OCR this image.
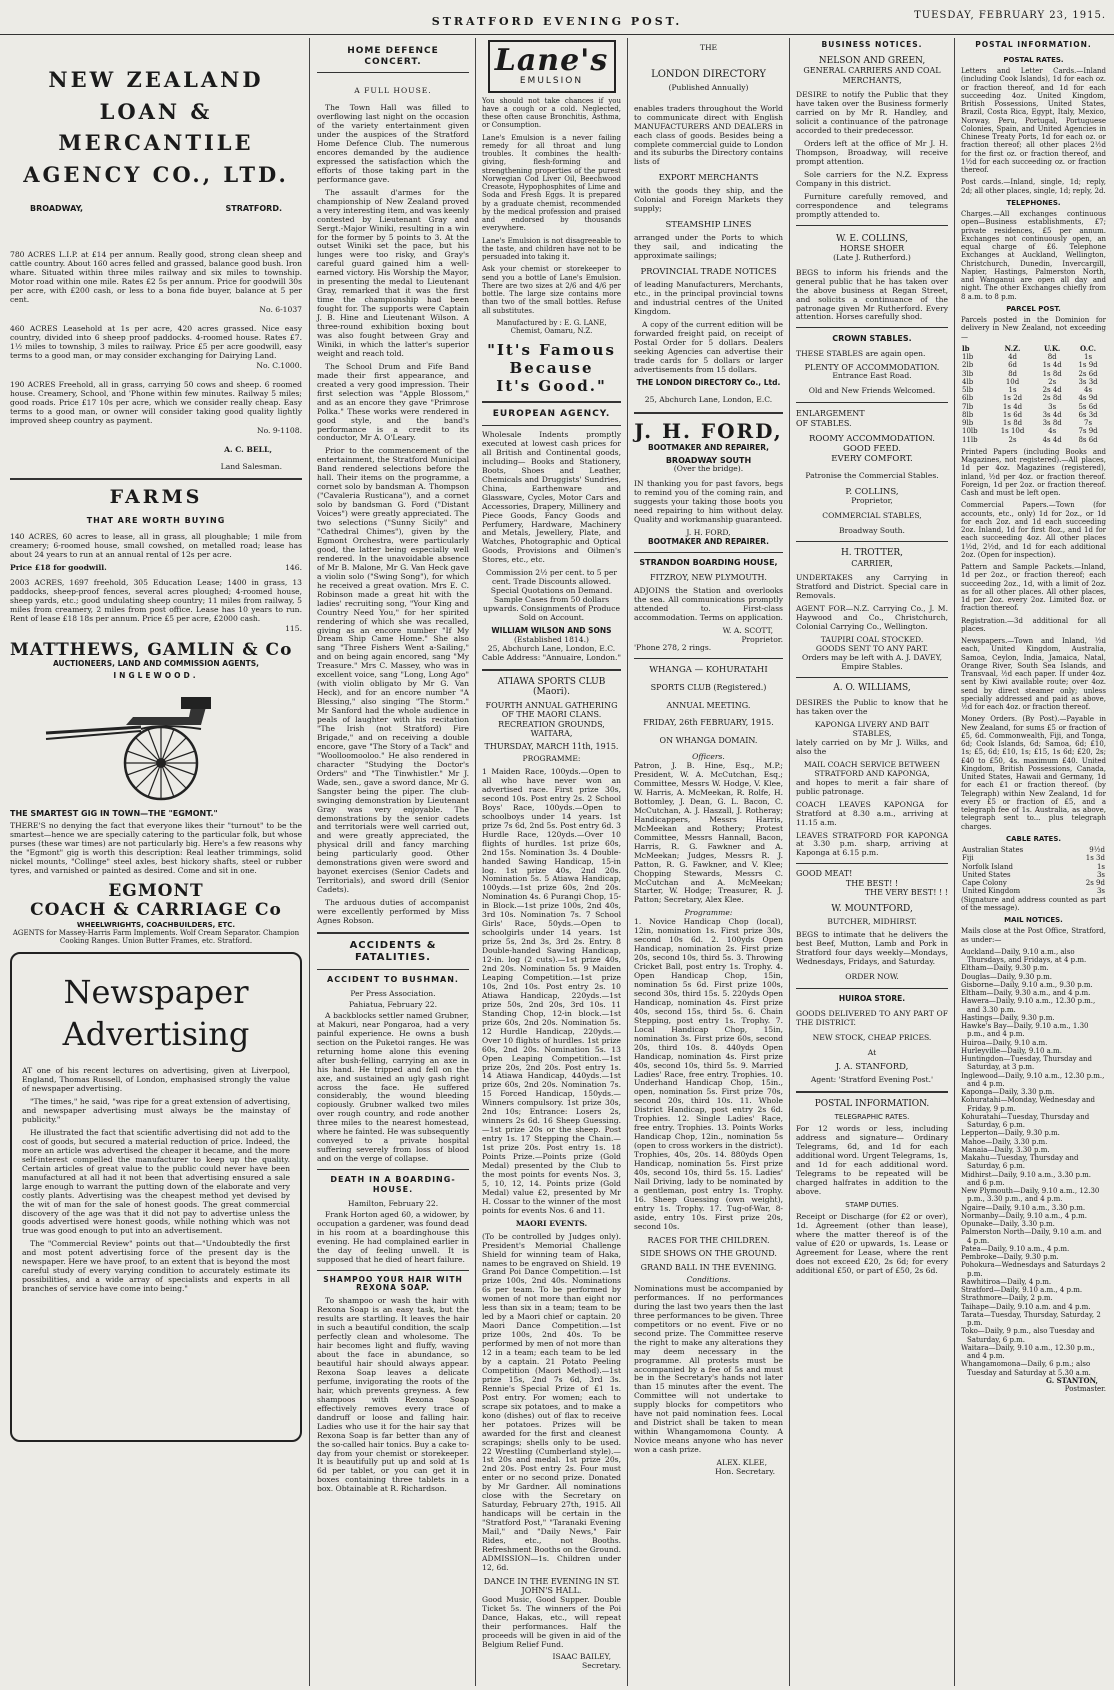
STRATFORD EVENING POST.	TUESDAY, FEBRUARY 23, 1915.
NEW ZEALAND
LOAN & MERCANTILE
AGENCY CO., LTD.
BROADWAY,	STRATFORD.

780 ACRES L.I.P. at £14 per annum. Really good, strong clean sheep and cattle country. About 160 acres felled and grassed, balance good bush. Iron whare. Situated within three miles railway and six miles to township. Motor road within one mile. Rates £2 5s per annum. Price for goodwill 30s per acre, with £200 cash, or less to a bona fide buyer, balance at 5 per cent.

No. 6-1037

460 ACRES Leasehold at 1s per acre, 420 acres grassed. Nice easy country, divided into 6 sheep proof paddocks. 4-roomed house. Rates £7. 1½ miles to township, 3 miles to railway. Price £5 per acre goodwill, easy terms to a good man, or may consider exchanging for Dairying Land.

No. C.1000.

190 ACRES Freehold, all in grass, carrying 50 cows and sheep. 6 roomed house. Creamery, School, and 'Phone within few minutes. Railway 5 miles; good roads. Price £17 10s per acre, which we consider really cheap. Easy terms to a good man, or owner will consider taking good quality lightly improved sheep country as payment.

No. 9-1108.
A. C. BELL,
Land Salesman.
FARMS
THAT ARE WORTH BUYING

140 ACRES, 60 acres to lease, all in grass, all ploughable; 1 mile from creamery; 6-roomed house, small cowshed, on metalled road; lease has about 24 years to run at an annual rental of 12s per acre.

Price £18 for goodwill.	146.

2003 ACRES, 1697 freehold, 305 Education Lease; 1400 in grass, 13 paddocks, sheep-proof fences, several acres ploughed; 4-roomed house, sheep yards, etc.; good undulating sheep country; 11 miles from railway, 5 miles from creamery, 2 miles from post office. Lease has 10 years to run. Rent of lease £18 18s per annum. Price £5 per acre, £2000 cash.

115.
MATTHEWS, GAMLIN & Co
AUCTIONEERS, LAND AND COMMISSION AGENTS,
INGLEWOOD.
THE SMARTEST GIG IN TOWN—THE "EGMONT."

THERE'S no denying the fact that everyone likes their "turnout" to be the smartest—hence we are specially catering to the particular folk, but whose purses (these war times) are not particularly big. Here's a few reasons why the "Egmont" gig is worth this description: Real leather trimmings, solid nickel mounts, "Collinge" steel axles, best hickory shafts, steel or rubber tyres, and varnished or painted as desired. Come and sit in one.

EGMONT
COACH & CARRIAGE Co
WHEELWRIGHTS, COACHBUILDERS, ETC.
AGENTS for Massey-Harris Farm Implements. Wolf Cream Separator. Champion Cooking Ranges. Union Butter Frames, etc. Stratford.
Newspaper
Advertising

AT one of his recent lectures on advertising, given at Liverpool, England, Thomas Russell, of London, emphasised strongly the value of newspaper advertising.

"The times," he said, "was ripe for a great extension of advertising, and newspaper advertising must always be the mainstay of publicity."

He illustrated the fact that scientific advertising did not add to the cost of goods, but secured a material reduction of price. Indeed, the more an article was advertised the cheaper it became, and the more self-interest compelled the manufacturer to keep up the quality. Certain articles of great value to the public could never have been manufactured at all had it not been that advertising ensured a sale large enough to warrant the putting down of the elaborate and very costly plants. Advertising was the cheapest method yet devised by the wit of man for the sale of honest goods. The great commercial discovery of the age was that it did not pay to advertise unless the goods advertised were honest goods, while nothing which was not true was good enough to put into an advertisement.

The "Commercial Review" points out that—"Undoubtedly the first and most potent advertising force of the present day is the newspaper. Here we have proof, to an extent that is beyond the most careful study of every varying condition to accurately estimate its possibilities, and a wide array of specialists and experts in all branches of service have come into being."

HOME DEFENCE CONCERT.
A FULL HOUSE.

The Town Hall was filled to overflowing last night on the occasion of the variety entertainment given under the auspices of the Stratford Home Defence Club. The numerous encores demanded by the audience expressed the satisfaction which the efforts of those taking part in the performance gave.

The assault d'armes for the championship of New Zealand proved a very interesting item, and was keenly contested by Lieutenant Gray and Sergt.-Major Winiki, resulting in a win for the former by 5 points to 3. At the outset Winiki set the pace, but his lunges were too risky, and Gray's careful guard gained him a well-earned victory. His Worship the Mayor, in presenting the medal to Lieutenant Gray, remarked that it was the first time the championship had been fought for. The supports were Captain J. B. Hine and Lieutenant Wilson. A three-round exhibition boxing bout was also fought between Gray and Winiki, in which the latter's superior weight and reach told.

The School Drum and Fife Band made their first appearance, and created a very good impression. Their first selection was "Apple Blossom," and as an encore they gave "Primrose Polka." These works were rendered in good style, and the band's performance is a credit to its conductor, Mr A. O'Leary.

Prior to the commencement of the entertainment, the Stratford Municipal Band rendered selections before the hall. Their items on the programme, a cornet solo by bandsman A. Thompson ("Cavaleria Rusticana"), and a cornet solo by bandsman G. Ford ("Distant Voices") were greatly appreciated. The two selections ("Sunny Sicily" and "Cathedral Chimes"), given by the Egmont Orchestra, were particularly good, the latter being especially well rendered. In the unavoidable absence of Mr B. Malone, Mr G. Van Heck gave a violin solo ("Swing Song"), for which he received a great ovation. Mrs E. C. Robinson made a great hit with the ladies' recruiting song, "Your King and Country Need You," for her spirited rendering of which she was recalled, giving as an encore number "If My Dream Ship Came Home." She also sang "Three Fishers Went a-Sailing," and on being again encored, sang "My Treasure." Mrs C. Massey, who was in excellent voice, sang "Long, Long Ago" (with violin obligato by Mr G. Van Heck), and for an encore number "A Blessing," also singing "The Storm." Mr Sanford had the whole audience in peals of laughter with his recitation "The Irish (not Stratford) Fire Brigade," and on receiving a double encore, gave "The Story of a Tack" and "Woolloomooloo." He also rendered in character "Studying the Doctor's Orders" and "The Tinwhistler." Mr J. Wade, sen., gave a sword dance, Mr G. Sangster being the piper. The club-swinging demonstration by Lieutenant Gray was very enjoyable. The demonstrations by the senior cadets and territorials were well carried out, and were greatly appreciated, the physical drill and fancy marching being particularly good. Other demonstrations given were sword and bayonet exercises (Senior Cadets and Territorials), and sword drill (Senior Cadets).

The arduous duties of accompanist were excellently performed by Miss Agnes Robson.

ACCIDENTS & FATALITIES.
ACCIDENT TO BUSHMAN.
Per Press Association.
Pahiatua, February 22.

A backblocks settler named Grubner, at Makuri, near Pongaroa, had a very painful experience. He owns a bush section on the Puketoi ranges. He was returning home alone this evening after bush-felling, carrying an axe in his hand. He tripped and fell on the axe, and sustained an ugly gash right across the face. He suffered considerably, the wound bleeding copiously. Grubner walked two miles over rough country, and rode another three miles to the nearest homestead, where he fainted. He was subsequently conveyed to a private hospital suffering severely from loss of blood and on the verge of collapse.

DEATH IN A BOARDING-HOUSE.
Hamilton, February 22.

Frank Horton aged 60, a widower, by occupation a gardener, was found dead in his room at a boardinghouse this evening. He had complained earlier in the day of feeling unwell. It is supposed that he died of heart failure.

SHAMPOO YOUR HAIR WITH REXONA SOAP.

To shampoo or wash the hair with Rexona Soap is an easy task, but the results are startling. It leaves the hair in such a beautiful condition, the scalp perfectly clean and wholesome. The hair becomes light and fluffy, waving about the face in abundance, so beautiful hair should always appear. Rexona Soap leaves a delicate perfume, invigorating the roots of the hair, which prevents greyness. A few shampoos with Rexona Soap effectively removes every trace of dandruff or loose and falling hair. Ladies who use it for the hair say that Rexona Soap is far better than any of the so-called hair tonics. Buy a cake to-day from your chemist or storekeeper. It is beautifully put up and sold at 1s 6d per tablet, or you can get it in boxes containing three tablets in a box. Obtainable at R. Richardson.

Lane's
EMULSION

You should not take chances if you have a cough or a cold. Neglected, these often cause Bronchitis, Asthma, or Consumption.

Lane's Emulsion is a never failing remedy for all throat and lung troubles. It combines the health-giving, flesh-forming and strengthening properties of the purest Norwegian Cod Liver Oil, Beechwood Creasote, Hypophosphites of Lime and Soda and Fresh Eggs. It is prepared by a graduate chemist, recommended by the medical profession and praised and endorsed by thousands everywhere.

Lane's Emulsion is not disagreeable to the taste, and children have not to be persuaded into taking it.

Ask your chemist or storekeeper to send you a bottle of Lane's Emulsion. There are two sizes at 2/6 and 4/6 per bottle. The large size contains more than two of the small bottles. Refuse all substitutes.

Manufactured by : E. G. LANE, Chemist, Oamaru, N.Z.
"It's Famous
Because
It's Good."
EUROPEAN AGENCY.

Wholesale Indents promptly executed at lowest cash prices for all British and Continental goods, including— Books and Stationery, Boots, Shoes and Leather, Chemicals and Druggists' Sundries, China, Earthenware and Glassware, Cycles, Motor Cars and Accessories, Drapery, Millinery and Piece Goods, Fancy Goods and Perfumery, Hardware, Machinery and Metals, Jewellery, Plate, and Watches, Photographic and Optical Goods, Provisions and Oilmen's Stores, etc., etc.

Commission 2½ per cent. to 5 per cent. Trade Discounts allowed. Special Quotations on Demand. Sample Cases from 50 dollars upwards. Consignments of Produce Sold on Account.

WILLIAM WILSON AND SONS
(Established 1814.)
25, Abchurch Lane, London, E.C. Cable Address: "Annuaire, London."
ATIAWA SPORTS CLUB (Maori).
FOURTH ANNUAL GATHERING OF THE MAORI CLANS. RECREATION GROUNDS, WAITARA,
THURSDAY, MARCH 11th, 1915.
PROGRAMME:

1 Maiden Race, 100yds.—Open to all who have never won an advertised race. First prize 30s, second 10s. Post entry 2s. 2 School Boys' Race, 100yds.—Open to schoolboys under 14 years. 1st prize 7s 6d, 2nd 5s. Post entry 6d. 3 Hurdle Race, 120yds.—Over 10 flights of hurdles. 1st prize 60s, 2nd 15s. Nomination 3s. 4 Double-handed Sawing Handicap, 15-in log. 1st prize 40s, 2nd 20s. Nomination 5s. 5 Atiawa Handicap, 100yds.—1st prize 60s, 2nd 20s. Nomination 4s. 6 Purangi Chop, 15-in Block.—1st prize 100s, 2nd 40s, 3rd 10s. Nomination 7s. 7 School Girls' Race, 50yds.—Open to schoolgirls under 14 years. 1st prize 5s, 2nd 3s, 3rd 2s. Entry. 8 Double-handed Sawing Handicap, 12-in. log (2 cuts).—1st prize 40s, 2nd 20s. Nomination 5s. 9 Maiden Leaping Competition.—1st prize 10s, 2nd 10s. Post entry 2s. 10 Atiawa Handicap, 220yds.—1st prize 50s, 2nd 20s, 3rd 10s. 11 Standing Chop, 12-in block.—1st prize 60s, 2nd 20s. Nomination 5s. 12 Hurdle Handicap, 220yds.—Over 10 flights of hurdles. 1st prize 60s, 2nd 20s. Nomination 5s. 13 Open Leaping Competition.—1st prize 20s, 2nd 20s. Post entry 1s. 14 Atiawa Handicap, 440yds.—1st prize 60s, 2nd 20s. Nomination 7s. 15 Forced Handicap, 150yds.—Winners compulsory. 1st prize 30s, 2nd 10s; Entrance: Losers 2s, winners 2s 6d. 16 Sheep Guessing.—1st prize 20s or the sheep. Post entry 1s. 17 Stepping the Chain.—1st prize 20s. Post entry 1s. 18 Points Prize.—Points prize (Gold Medal) presented by the Club to the most points for events Nos. 3, 5, 10, 12, 14. Points prize (Gold Medal) value £2, presented by Mr H. Cossar to the winner of the most points for events Nos. 6 and 11.

MAORI EVENTS.

(To be controlled by Judges only). President's Memorial Challenge Shield for winning team of Haka, names to be engraved on Shield. 19 Grand Poi Dance Competition.—1st prize 100s, 2nd 40s. Nominations 6s per team. To be performed by women of not more than eight nor less than six in a team; team to be led by a Maori chief or captain. 20 Maori Dance Competition.—1st prize 100s, 2nd 40s. To be performed by men of not more than 12 in a team; each team to be led by a captain. 21 Potato Peeling Competition (Maori Method).—1st prize 15s, 2nd 7s 6d, 3rd 3s. Rennie's Special Prize of £1 1s. Post entry. For women; each to scrape six potatoes, and to make a kono (dishes) out of flax to receive her potatoes. Prizes will be awarded for the first and cleanest scrapings; shells only to be used. 22 Wrestling (Cumberland style).—1st 20s and medal. 1st prize 20s, 2nd 20s. Post entry 2s. Four must enter or no second prize. Donated by Mr Gardner. All nominations close with the Secretary on Saturday, February 27th, 1915. All handicaps will be certain in the "Stratford Post," "Taranaki Evening Mail," and "Daily News," Fair Rides, etc., not Booths. Refreshment Booths on the Ground. ADMISSION—1s. Children under 12, 6d.

DANCE IN THE EVENING IN ST. JOHN'S HALL.

Good Music, Good Supper. Double Ticket 5s. The winners of the Poi Dance, Hakas, etc., will repeat their performances. Half the proceeds will be given in aid of the Belgium Relief Fund.

ISAAC BAILEY,
Secretary.
THE
LONDON DIRECTORY
(Published Annually)

enables traders throughout the World to communicate direct with English MANUFACTURERS AND DEALERS in each class of goods. Besides being a complete commercial guide to London and its suburbs the Directory contains lists of

EXPORT MERCHANTS

with the goods they ship, and the Colonial and Foreign Markets they supply;

STEAMSHIP LINES

arranged under the Ports to which they sail, and indicating the approximate sailings;

PROVINCIAL TRADE NOTICES

of leading Manufacturers, Merchants, etc., in the principal provincial towns and industrial centres of the United Kingdom.

A copy of the current edition will be forwarded freight paid, on receipt of Postal Order for 5 dollars. Dealers seeking Agencies can advertise their trade cards for 5 dollars or larger advertisements from 15 dollars.

THE LONDON DIRECTORY Co., Ltd.
25, Abchurch Lane, London, E.C.
J. H. FORD,
BOOTMAKER AND REPAIRER,
BROADWAY SOUTH
(Over the bridge).

IN thanking you for past favors, begs to remind you of the coming rain, and suggests your taking those boots you need repairing to him without delay. Quality and workmanship guaranteed.

J. H. FORD,
BOOTMAKER AND REPAIRER.
STRANDON BOARDING HOUSE,
FITZROY, NEW PLYMOUTH.

ADJOINS the Station and overlooks the sea. All communications promptly attended to. First-class accommodation. Terms on application.

W. A. SCOTT,
Proprietor.
'Phone 278, 2 rings.
WHANGA — KOHURATAHI
SPORTS CLUB (Registered.)
ANNUAL MEETING.
FRIDAY, 26th FEBRUARY, 1915.
ON WHANGA DOMAIN.
Officers.

Patron, J. B. Hine, Esq., M.P.; President, W. A. McCutchan, Esq.; Committee, Messrs W. Hodge, V. Klee, W. Harris, A. McMeekan, R. Rolfe, H. Bottomley, J. Dean, G. L. Bacon, C. McCutchan, A. J. Haszall, J. Rotheray; Handicappers, Messrs Harris, McMeekan and Rothery; Protest Committee, Messrs Hannall, Bacon, Harris, R. G. Fawkner and A. McMeekan; Judges, Messrs R. J. Patton, R. G. Fawkner, and V. Klee; Chopping Stewards, Messrs C. McCutchan and A. McMeekan; Starter, W. Hodge; Treasurer, R. J. Patton; Secretary, Alex Klee.

Programme:

1. Novice Handicap Chop (local), 12in, nomination 1s. First prize 30s, second 10s 6d. 2. 100yds Open Handicap, nomination 2s. First prize 20s, second 10s, third 5s. 3. Throwing Cricket Ball, post entry 1s. Trophy. 4. Open Handicap Chop, 15in, nomination 5s 6d. First prize 100s, second 30s, third 15s. 5. 220yds Open Handicap, nomination 4s. First prize 40s, second 15s, third 5s. 6. Chain Stepping, post entry 1s. Trophy. 7. Local Handicap Chop, 15in, nomination 3s. First prize 60s, second 20s, third 10s. 8. 440yds Open Handicap, nomination 4s. First prize 40s, second 10s, third 5s. 9. Married Ladies' Race, free entry. Trophies. 10. Underhand Handicap Chop, 15in., open, nomination 5s. First prize 70s, second 20s, third 10s. 11. Whole District Handicap, post entry 2s 6d. Trophies. 12. Single Ladies' Race, free entry. Trophies. 13. Points Works Handicap Chop, 12in., nomination 5s (open to cross workers in the district). Trophies, 40s, 20s. 14. 880yds Open Handicap, nomination 5s. First prize 40s, second 10s, third 5s. 15. Ladies' Nail Driving, lady to be nominated by a gentleman, post entry 1s. Trophy. 16. Sheep Guessing (own weight), entry 1s. Trophy. 17. Tug-of-War, 8-aside, entry 10s. First prize 20s, second 10s.

RACES FOR THE CHILDREN.
SIDE SHOWS ON THE GROUND.
GRAND BALL IN THE EVENING.
Conditions.

Nominations must be accompanied by performances. If no performances during the last two years then the last three performances to be given. Three competitors or no event. Five or no second prize. The Committee reserve the right to make any alterations they may deem necessary in the programme. All protests must be accompanied by a fee of 5s and must be in the Secretary's hands not later than 15 minutes after the event. The Committee will not undertake to supply blocks for competitors who have not paid nomination fees. Local and District shall be taken to mean within Whangamomona County. A Novice means anyone who has never won a cash prize.

ALEX. KLEE,
Hon. Secretary.
BUSINESS NOTICES.
NELSON AND GREEN,
GENERAL CARRIERS AND COAL MERCHANTS,

DESIRE to notify the Public that they have taken over the Business formerly carried on by Mr R. Handley, and solicit a continuance of the patronage accorded to their predecessor.

Orders left at the office of Mr J. H. Thompson, Broadway, will receive prompt attention.

Sole carriers for the N.Z. Express Company in this district.

Furniture carefully removed, and correspondence and telegrams promptly attended to.

W. E. COLLINS,
HORSE SHOER
(Late J. Rutherford.)

BEGS to inform his friends and the general public that he has taken over the above business at Regan Street, and solicits a continuance of the patronage given Mr Rutherford. Every attention. Horses carefully shod.

CROWN STABLES.

THESE STABLES are again open.

PLENTY OF ACCOMMODATION.
Entrance East Road.
Old and New Friends Welcomed.
ENLARGEMENT OF STABLES.
ROOMY ACCOMMODATION.
GOOD FEED.
EVERY COMFORT.
Patronise the Commercial Stables.
P. COLLINS,
Proprietor,
COMMERCIAL STABLES,
Broadway South.
H. TROTTER,
CARRIER,

UNDERTAKES any Carrying in Stratford and District. Special care in Removals.

AGENT FOR—N.Z. Carrying Co., J. M. Haywood and Co., Christchurch, Colonial Carrying Co., Wellington.

TAUPIRI COAL STOCKED.
GOODS SENT TO ANY PART.

Orders may be left with A. J. DAVEY, Empire Stables.

A. O. WILLIAMS,

DESIRES the Public to know that he has taken over the

KAPONGA LIVERY AND BAIT STABLES,

lately carried on by Mr J. Wilks, and also the

MAIL COACH SERVICE BETWEEN STRATFORD AND KAPONGA,

and hopes to merit a fair share of public patronage.

COACH LEAVES KAPONGA for Stratford at 8.30 a.m., arriving at 11.15 a.m.

LEAVES STRATFORD FOR KAPONGA at 3.30 p.m. sharp, arriving at Kaponga at 6.15 p.m.

GOOD MEAT!
THE BEST! !
THE VERY BEST! ! !
W. MOUNTFORD,
BUTCHER, MIDHIRST.

BEGS to intimate that he delivers the best Beef, Mutton, Lamb and Pork in Stratford four days weekly—Mondays, Wednesdays, Fridays, and Saturday.

ORDER NOW.
HUIROA STORE.

GOODS DELIVERED TO ANY PART OF THE DISTRICT.

NEW STOCK, CHEAP PRICES.
At
J. A. STANFORD,
Agent: 'Stratford Evening Post.'
POSTAL INFORMATION.
TELEGRAPHIC RATES.

For 12 words or less, including address and signature— Ordinary Telegrams, 6d, and 1d for each additional word. Urgent Telegrams, 1s, and 1d for each additional word. Telegrams to be repeated will be charged halfrates in addition to the above.

STAMP DUTIES.

Receipt or Discharge (for £2 or over), 1d. Agreement (other than lease), where the matter thereof is of the value of £20 or upwards, 1s. Lease or Agreement for Lease, where the rent does not exceed £20, 2s 6d; for every additional £50, or part of £50, 2s 6d.

POSTAL INFORMATION.
POSTAL RATES.

Letters and Letter Cards.—Inland (including Cook Islands), 1d for each oz. or fraction thereof, and 1d for each succeeding 4oz. United Kingdom, British Possessions, United States, Brazil, Costa Rica, Egypt, Italy, Mexico, Norway, Peru, Portugal, Portuguese Colonies, Spain, and United Agencies in Chinese Treaty Ports, 1d for each oz. or fraction thereof; all other places 2½d for the first oz. or fraction thereof, and 1½d for each succeeding oz. or fraction thereof.

Post cards.—Inland, single, 1d; reply, 2d; all other places, single, 1d; reply, 2d.

TELEPHONES.

Charges.—All exchanges continuous open—Business establishments, £7; private residences, £5 per annum. Exchanges not continuously open, an equal charge of £6. Telephone Exchanges at Auckland, Wellington, Christchurch, Dunedin, Invercargill, Napier, Hastings, Palmerston North, and Wanganui are open all day and night. The other Exchanges chiefly from 8 a.m. to 8 p.m.

PARCEL POST.

Parcels posted in the Dominion for delivery in New Zealand, not exceeding—

lb	N.Z.	U.K.	O.C.
1lb	4d	8d	1s
2lb	6d	1s 4d	1s 9d
3lb	8d	1s 8d	2s 6d
4lb	10d	2s	3s 3d
5lb	1s	2s 4d	4s
6lb	1s 2d	2s 8d	4s 9d
7lb	1s 4d	3s	5s 6d
8lb	1s 6d	3s 4d	6s 3d
9lb	1s 8d	3s 8d	7s
10lb	1s 10d	4s	7s 9d
11lb	2s	4s 4d	8s 6d

Printed Papers (including Books and Magazines, not registered).—All places, 1d per 4oz. Magazines (registered), inland, ½d per 4oz. or fraction thereof. Foreign, 1d per 2oz. or fraction thereof. Cash and must be left open.

Commercial Papers.—Town (for accounts, etc., only) 1d for 2oz., or 1d for each 2oz. and 1d each succeeding 2oz. Inland, 1d for first 8oz., and 1d for each succeeding 4oz. All other places 1½d, 2½d, and 1d for each additional 2oz. (Open for inspection).

Pattern and Sample Packets.—Inland, 1d per 2oz., or fraction thereof; each succeeding 2oz., 1d, with a limit of 2oz. as for all other places. All other places, 1d per 2oz. every 2oz. Limited 8oz. or fraction thereof.

Registration.—3d additional for all places.

Newspapers.—Town and Inland, ½d each, United Kingdom, Australia, Samoa, Ceylon, India, Jamaica, Natal, Orange River, South Sea Islands, and Transvaal, ½d each paper. If under 4oz. sent by Kiwi available route; over 4oz. send by direct steamer only; unless specially addressed and paid as above, ½d for each 4oz. or fraction thereof.

Money Orders. (By Post).—Payable in New Zealand, for sums £5 or fraction of £5, 6d. Commonwealth, Fiji, and Tonga, 6d; Cook Islands, 6d; Samoa, 6d; £10, 1s; £5, 6d; £10, 1s; £15, 1s 6d; £20, 2s; £40 to £50, 4s. maximum £40. United Kingdom, British Possessions, Canada, United States, Hawaii and Germany, 1d for each £1 or fraction thereof. (by Telegraph) within New Zealand, 1d for every £5 or fraction of £5, and a telegraph fee of 1s. Australia, as above, telegraph sent to... plus telegraph charges.

CABLE RATES.
Australian States	9½d
Fiji	1s 3d
Norfolk Island	1s
United States	3s
Cape Colony	2s 9d
United Kingdom	3s

(Signature and address counted as part of the message).

MAIL NOTICES.

Mails close at the Post Office, Stratford, as under:—

Auckland—Daily, 9.10 a.m., also Thursdays, and Fridays, at 4 p.m.
Eltham—Daily, 9.30 p.m.
Douglas—Daily, 9.30 p.m.
Gisborne—Daily, 9.10 a.m., 9.30 p.m.
Eltham—Daily, 9.30 a.m., and 4 p.m.
Hawera—Daily, 9.10 a.m., 12.30 p.m., and 3.30 p.m.
Hastings—Daily, 9.30 p.m.
Hawke's Bay—Daily, 9.10 a.m., 1.30 p.m., and 4 p.m.
Huiroa—Daily, 9.10 a.m.
Hurleyville—Daily, 9.10 a.m.
Huntingdon—Tuesday, Thursday and Saturday, at 3 p.m.
Inglewood—Daily, 9.10 a.m., 12.30 p.m., and 4 p.m.
Kaponga—Daily, 3.30 p.m.
Kohuratahi—Monday, Wednesday and Friday, 9 p.m.
Kohuratahi—Tuesday, Thursday and Saturday, 6 p.m.
Lepperton—Daily, 9.30 p.m.
Mahoe—Daily, 3.30 p.m.
Manaia—Daily, 3.30 p.m.
Makahu—Tuesday, Thursday and Saturday, 6 p.m.
Midhirst—Daily, 9.10 a.m., 3.30 p.m. and 6 p.m.
New Plymouth—Daily, 9.10 a.m., 12.30 p.m., 3.30 p.m., and 4 p.m.
Ngaire—Daily, 9.10 a.m., 3.30 p.m.
Normanby—Daily, 9.10 a.m., 4 p.m.
Opunake—Daily, 3.30 p.m.
Palmerston North—Daily, 9.10 a.m. and 4 p.m.
Patea—Daily, 9.10 a.m., 4 p.m.
Pembroke—Daily, 9.30 p.m.
Pohokura—Wednesdays and Saturdays 2 p.m.
Rawhitiroa—Daily, 4 p.m.
Stratford—Daily, 9.10 a.m., 4 p.m.
Strathmore—Daily, 2 p.m.
Taihape—Daily, 9.10 a.m. and 4 p.m.
Tarata—Tuesday, Thursday, Saturday, 2 p.m.
Toko—Daily, 9 p.m., also Tuesday and Saturday, 6 p.m.
Waitara—Daily, 9.10 a.m., 12.30 p.m., and 4 p.m.
Whangamomona—Daily, 6 p.m.; also Tuesday and Saturday at 5.30 a.m.
G. STANTON,
Postmaster.
